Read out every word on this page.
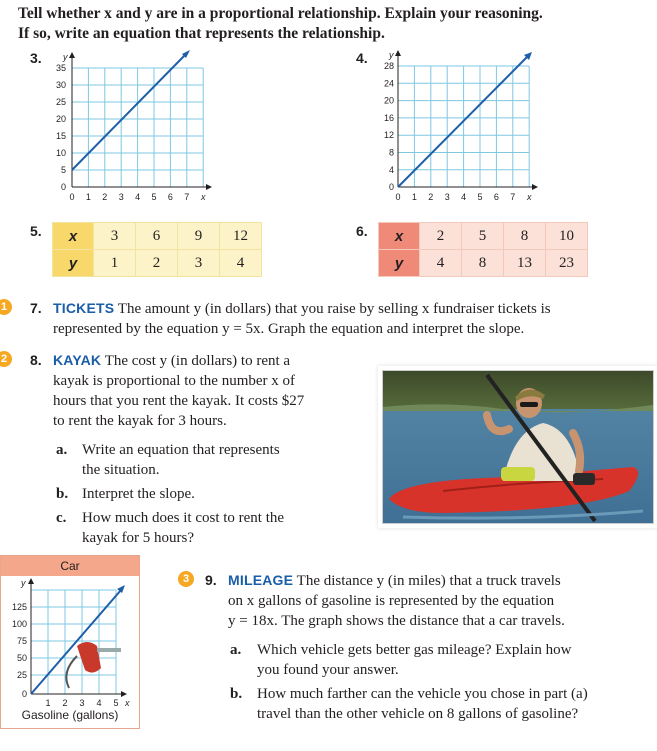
Tell whether x and y are in a proportional relationship. Explain your reasoning.
If so, write an equation that represents the relationship.
3. y
x
35
30
25
20
15
10
5
0
0 1 2 3 4 5 6 7
4. y
x
28
24
20
16
12
8
4
0
0 1 2 3 4 5 6 7
5. x	3	6	9	12
y	1	2	3	4
6. x	2	5	8	10
y	4	8	13	23
1	7. TICKETS The amount y (in dollars) that you raise by selling x fundraiser tickets is
represented by the equation y = 5x. Graph the equation and interpret the slope.
2	8. KAYAK The cost y (in dollars) to rent a
kayak is proportional to the number x of
hours that you rent the kayak. It costs $27
to rent the kayak for 3 hours.
a. Write an equation that represents
the situation.
b. Interpret the slope.
c.	How much does it cost to rent the
kayak for 5 hours?
Car
y
x
125
100
75
50
25
0
1 2 3 4 5
Gasoline (gallons)
3	9. MILEAGE The distance y (in miles) that a truck travels
on x gallons of gasoline is represented by the equation
y = 18x. The graph shows the distance that a car travels.
a.	Which vehicle gets better gas mileage? Explain how
you found your answer.
b. How much farther can the vehicle you chose in part (a)
travel than the other vehicle on 8 gallons of gasoline?
